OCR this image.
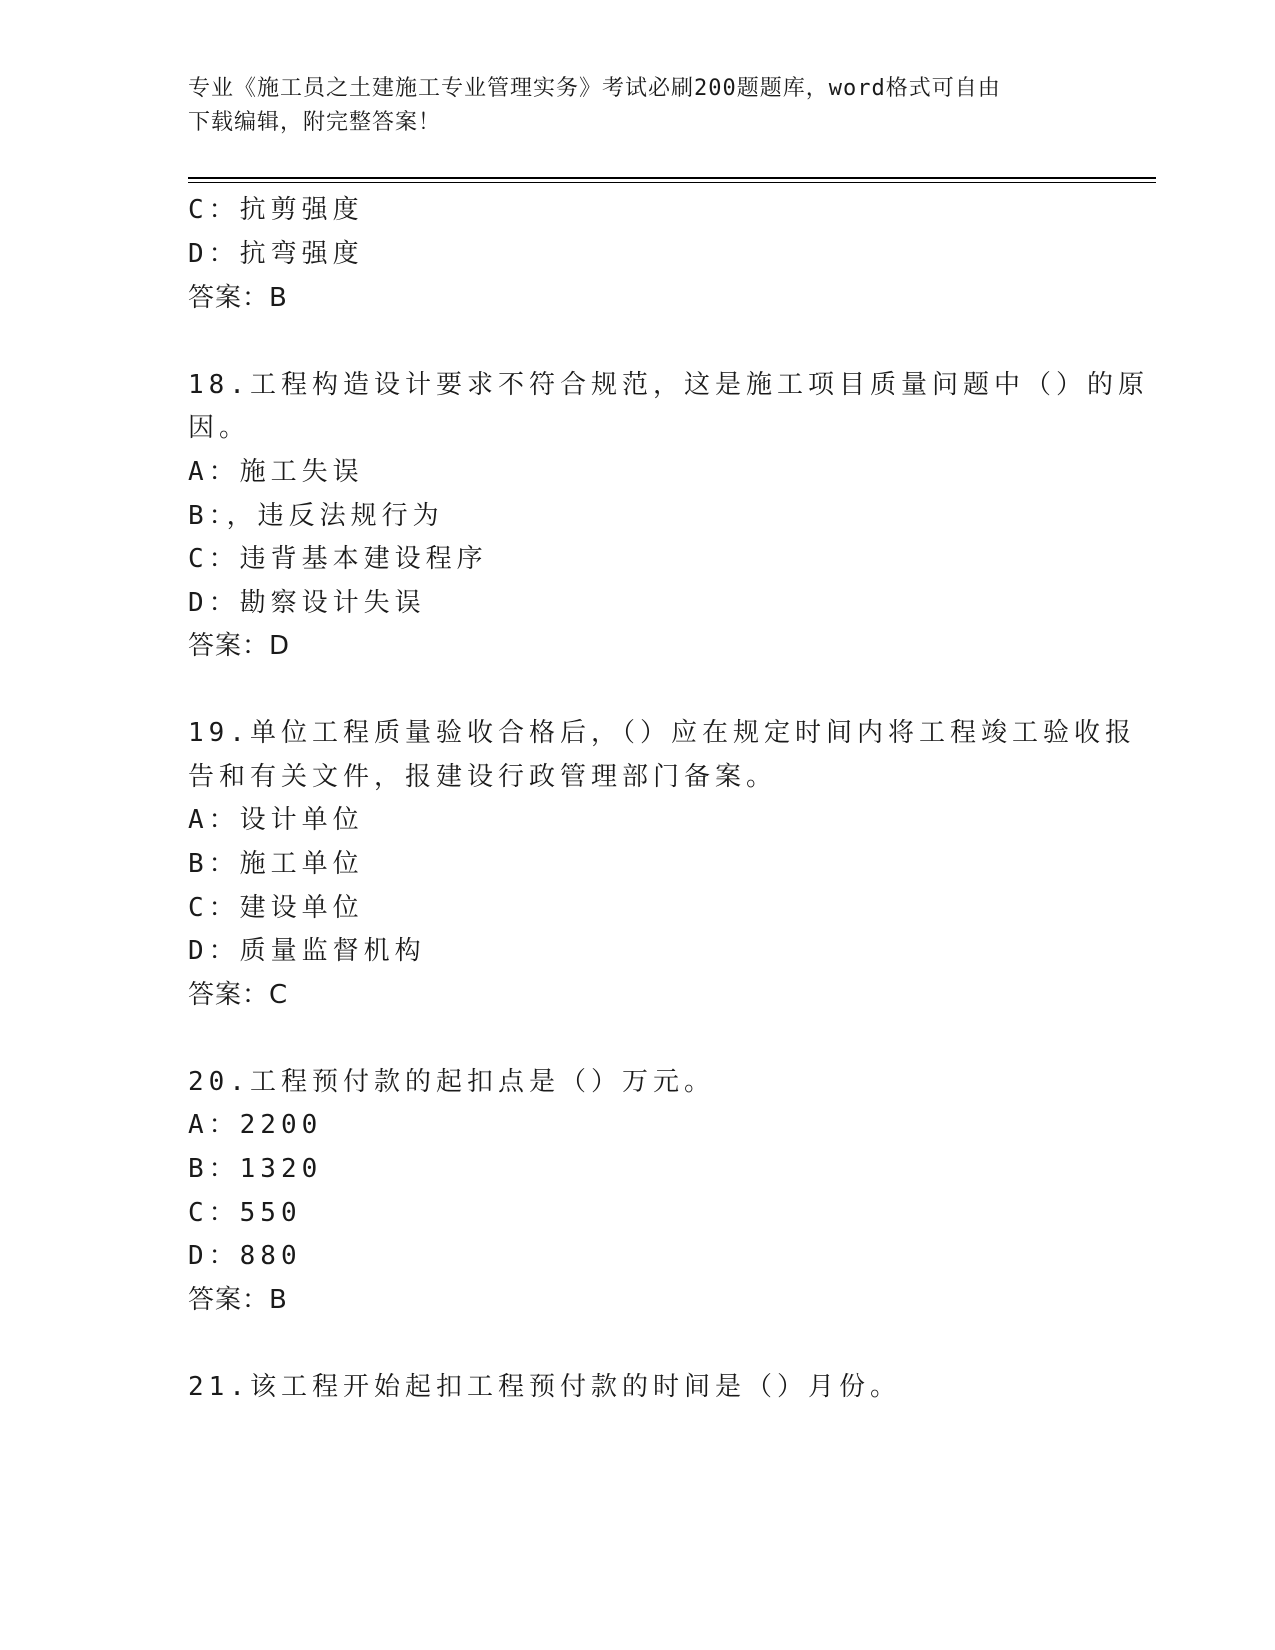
专业《施工员之土建施工专业管理实务》考试必刷200题题库，word格式可自由
下载编辑，附完整答案！
C：抗剪强度
D：抗弯强度
答案：B
18.工程构造设计要求不符合规范，这是施工项目质量问题中（）的原
因。
A：施工失误
B：，违反法规行为
C：违背基本建设程序
D：勘察设计失误
答案：D
19.单位工程质量验收合格后，（）应在规定时间内将工程竣工验收报
告和有关文件，报建设行政管理部门备案。
A：设计单位
B：施工单位
C：建设单位
D：质量监督机构
答案：C
20.工程预付款的起扣点是（）万元。
A：2200
B：1320
C：550
D：880
答案：B
21.该工程开始起扣工程预付款的时间是（）月份。
